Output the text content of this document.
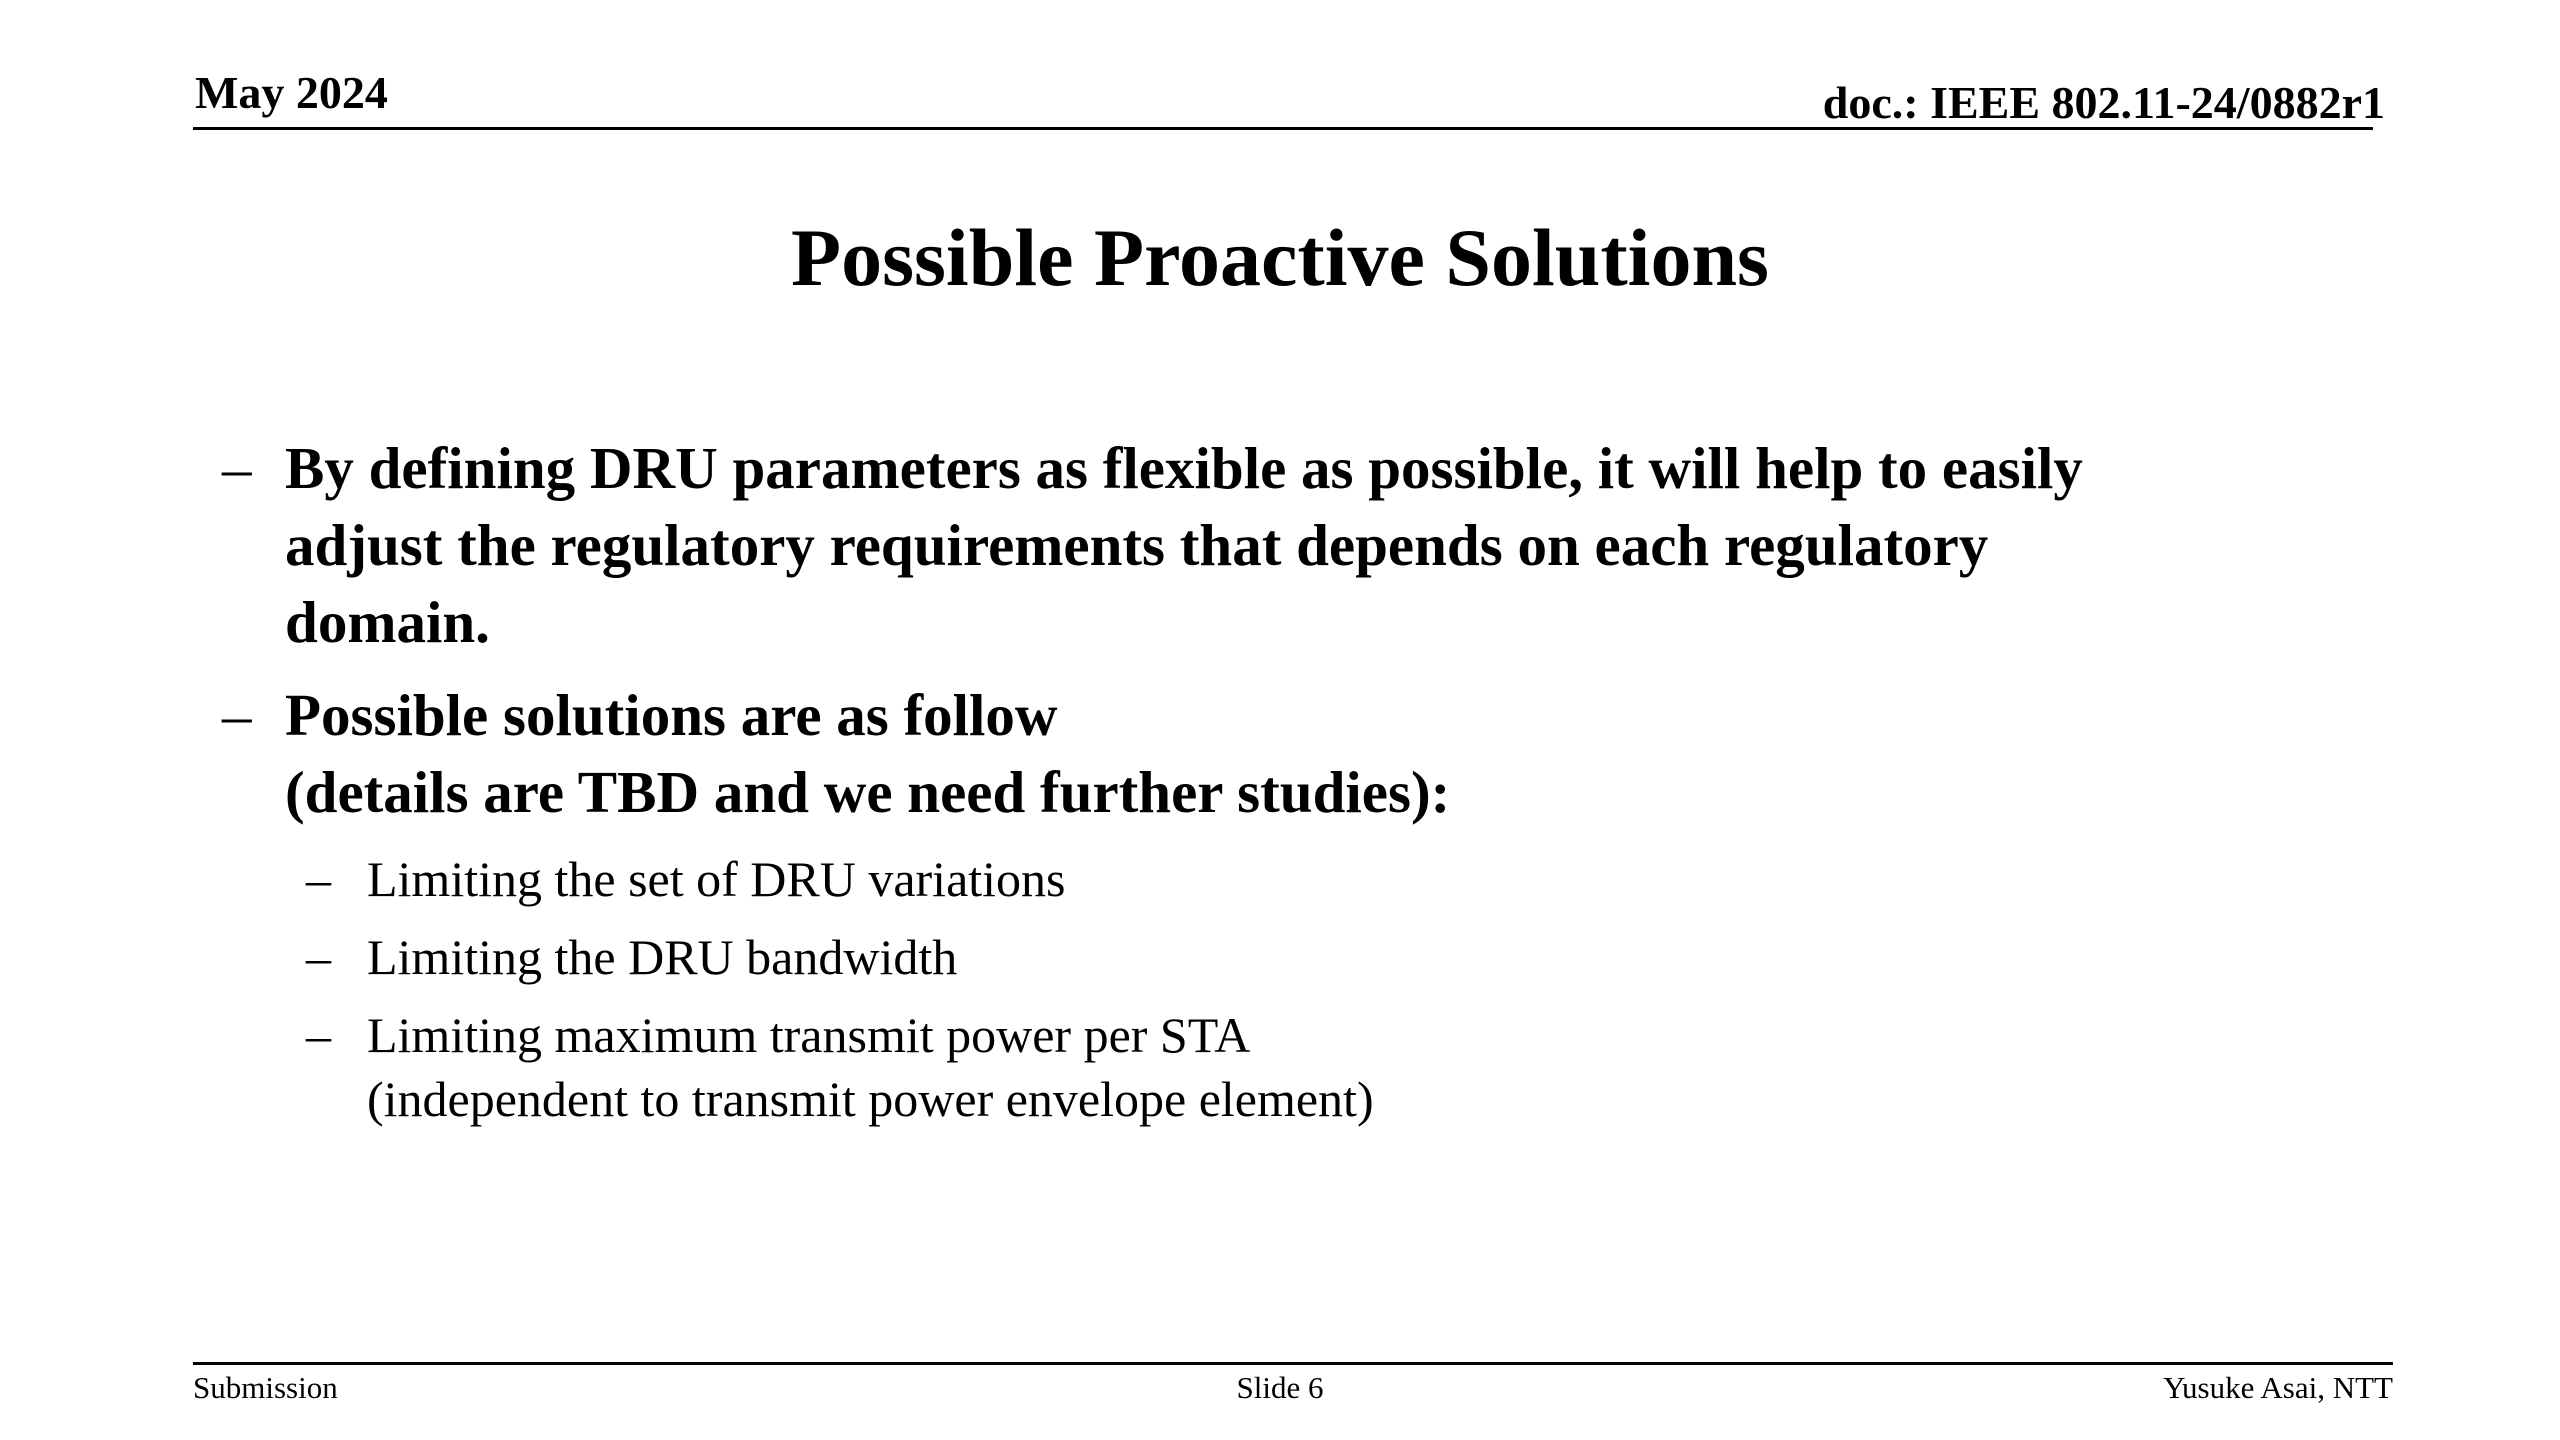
May 2024	doc.: IEEE 802.11-24/0882r1
Possible Proactive Solutions
– By defining DRU parameters as flexible as possible, it will help to easily
adjust the regulatory requirements that depends on each regulatory
domain.
– Possible solutions are as follow
(details are TBD and we need further studies):
– Limiting the set of DRU variations
– Limiting the DRU bandwidth
– Limiting maximum transmit power per STA
(independent to transmit power envelope element)
Submission	Slide 6	Yusuke Asai, NTT
